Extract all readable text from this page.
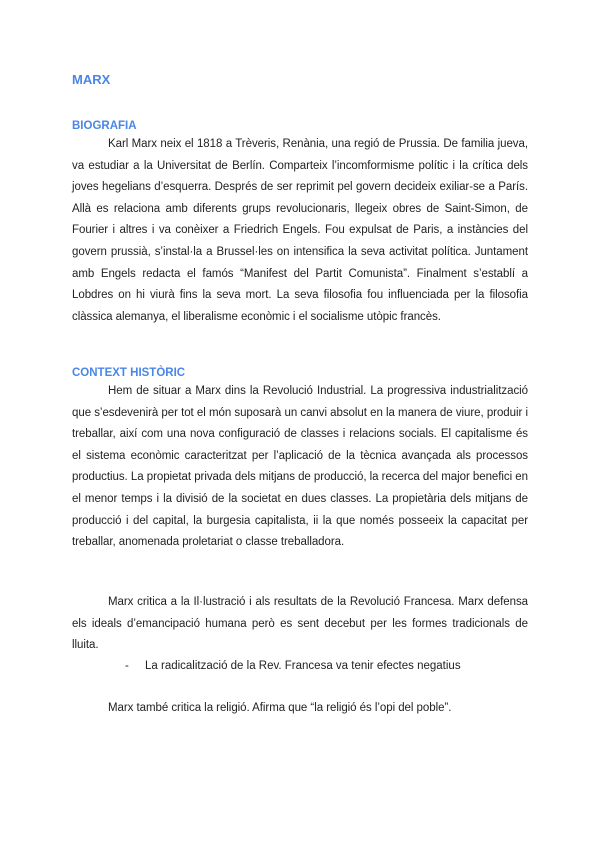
MARX
BIOGRAFIA

Karl Marx neix el 1818 a Trèveris, Renània, una regió de Prussia. De familia jueva, va estudiar a la Universitat de Berlín. Comparteix l’incomformisme polític i la crítica dels joves hegelians d’esquerra. Després de ser reprimit pel govern decideix exiliar-se a París. Allà es relaciona amb diferents grups revolucionaris, llegeix obres de Saint-Simon, de Fourier i altres i va conèixer a Friedrich Engels. Fou expulsat de Paris, a instàncies del govern prussià, s’instal·la a Brussel·les on intensifica la seva activitat política. Juntament amb Engels redacta el famós “Manifest del Partit Comunista”. Finalment s’establí a Lobdres on hi viurà fins la seva mort. La seva filosofia fou influenciada per la filosofia clàssica alemanya, el liberalisme econòmic i el socialisme utòpic francès.

CONTEXT HISTÒRIC

Hem de situar a Marx dins la Revolució Industrial. La progressiva industrialització que s’esdevenirà per tot el món suposarà un canvi absolut en la manera de viure, produir i treballar, així com una nova configuració de classes i relacions socials. El capitalisme és el sistema econòmic caracteritzat per l’aplicació de la tècnica avançada als processos productius. La propietat privada dels mitjans de producció, la recerca del major benefici en el menor temps i la divisió de la societat en dues classes. La propietària dels mitjans de producció i del capital, la burgesia capitalista, ii la que només posseeix la capacitat per treballar, anomenada proletariat o classe treballadora.

Marx critica a la Il·lustració i als resultats de la Revolució Francesa. Marx defensa els ideals d’emancipació humana però es sent decebut per les formes tradicionals de lluita.

- La radicalització de la Rev. Francesa va tenir efectes negatius

Marx també critica la religió. Afirma que “la religió és l’opi del poble”.
